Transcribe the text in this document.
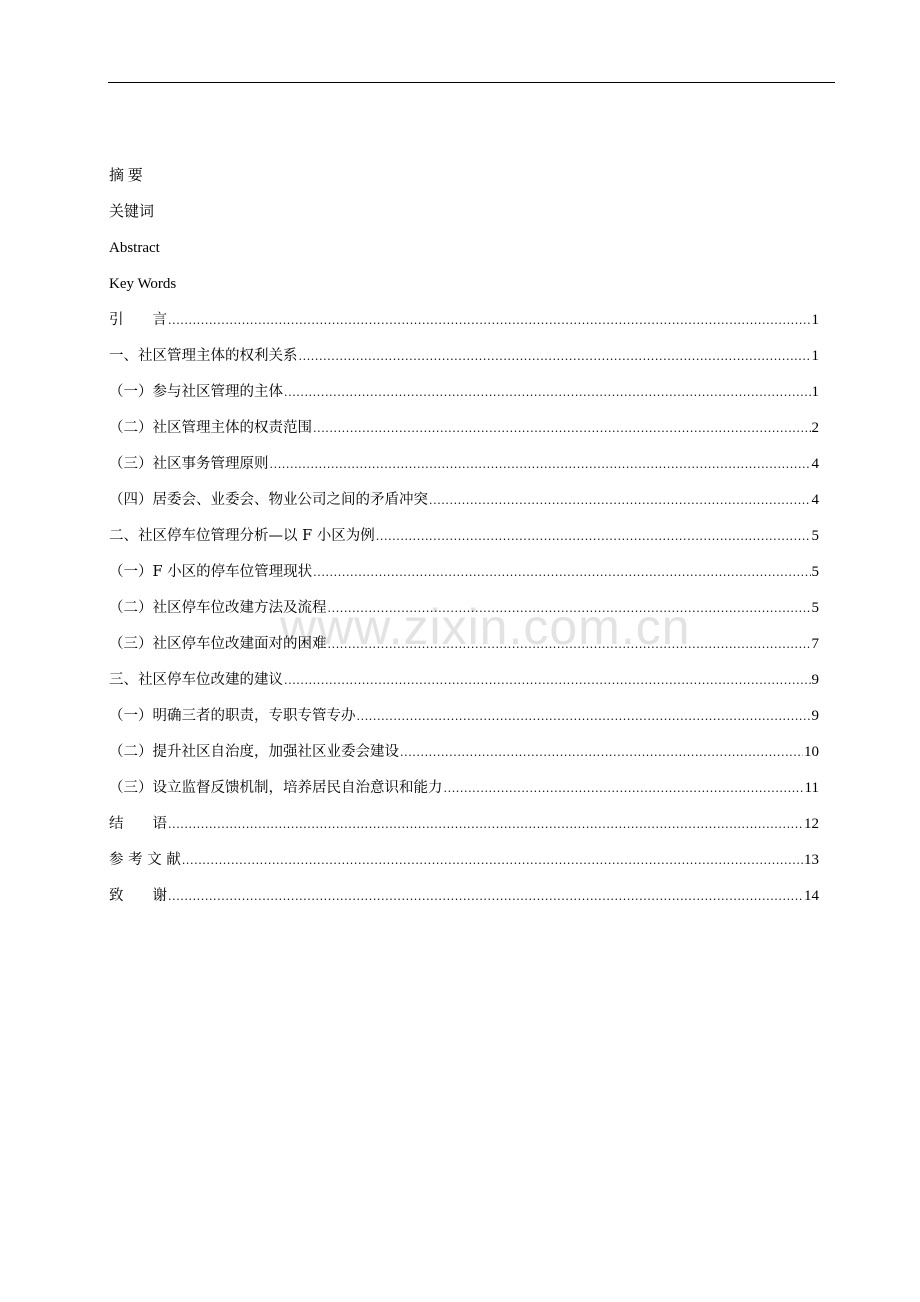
www.zixin.com.cn
摘 要
关键词
Abstract
Key Words
引　　言 .....	1
一、社区管理主体的权利关系 .....	1
（一）参与社区管理的主体 .....	1
（二）社区管理主体的权责范围 .....	2
（三）社区事务管理原则 .....	4
（四）居委会、业委会、物业公司之间的矛盾冲突 .....	4
二、社区停车位管理分析—以 F 小区为例 .....	5
（一）F 小区的停车位管理现状 .....	5
（二）社区停车位改建方法及流程 .....	5
（三）社区停车位改建面对的困难 .....	7
三、社区停车位改建的建议 .....	9
（一）明确三者的职责，专职专管专办 .....	9
（二）提升社区自治度，加强社区业委会建设 .....	10
（三）设立监督反馈机制，培养居民自治意识和能力 .....	11
结　　语 .....	12
参 考 文 献 .....	13
致　　谢 .....	14
